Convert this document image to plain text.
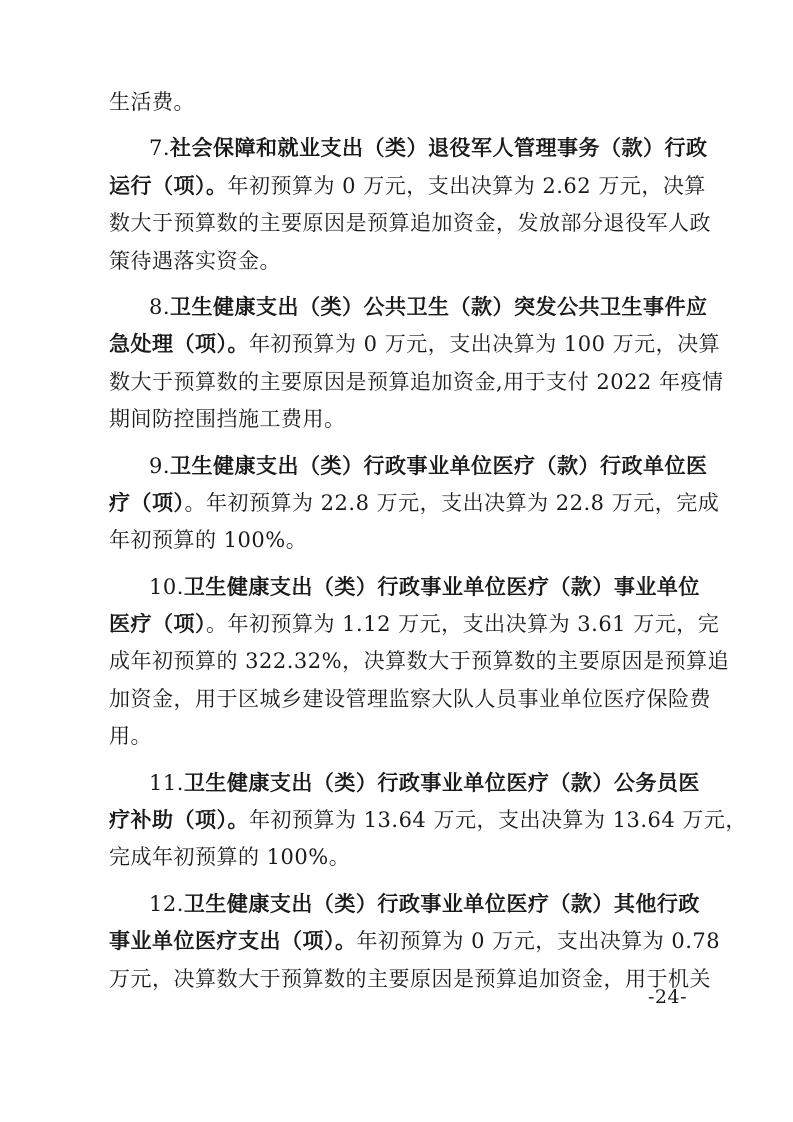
生活费。
7.社会保障和就业支出（类）退役军人管理事务（款）行政
运行（项）。年初预算为 0 万元，支出决算为 2.62 万元，决算
数大于预算数的主要原因是预算追加资金，发放部分退役军人政
策待遇落实资金。
8.卫生健康支出（类）公共卫生（款）突发公共卫生事件应
急处理（项）。年初预算为 0 万元，支出决算为 100 万元，决算
数大于预算数的主要原因是预算追加资金,用于支付 2022 年疫情
期间防控围挡施工费用。
9.卫生健康支出（类）行政事业单位医疗（款）行政单位医
疗（项）。年初预算为 22.8 万元，支出决算为 22.8 万元，完成
年初预算的 100%。
10.卫生健康支出（类）行政事业单位医疗（款）事业单位
医疗（项）。年初预算为 1.12 万元，支出决算为 3.61 万元，完
成年初预算的 322.32%，决算数大于预算数的主要原因是预算追
加资金，用于区城乡建设管理监察大队人员事业单位医疗保险费
用。
11.卫生健康支出（类）行政事业单位医疗（款）公务员医
疗补助（项）。年初预算为 13.64 万元，支出决算为 13.64 万元，
完成年初预算的 100%。
12.卫生健康支出（类）行政事业单位医疗（款）其他行政
事业单位医疗支出（项）。年初预算为 0 万元，支出决算为 0.78
万元，决算数大于预算数的主要原因是预算追加资金，用于机关
-24-
